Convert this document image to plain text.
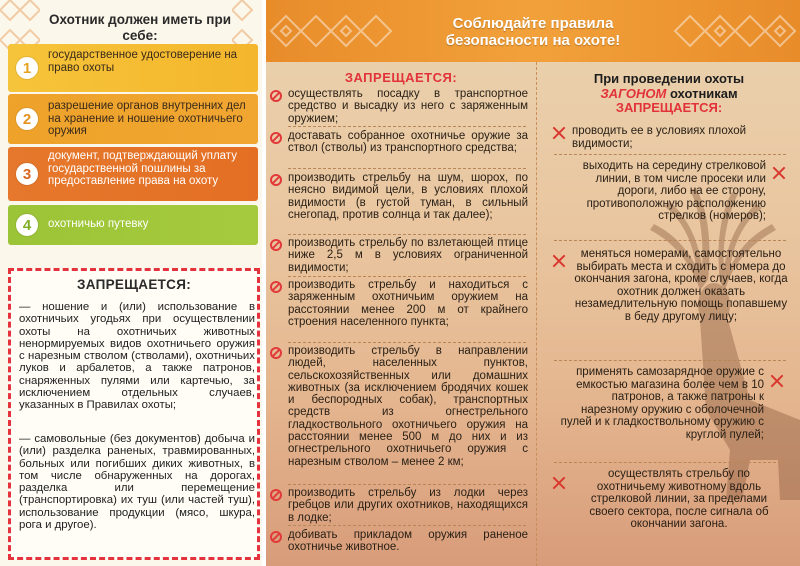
Охотник должен иметь при себе:
1
государственное удостоверение на право охоты
2
разрешение органов внутренних дел на хранение и ношение охотничьего оружия
3
документ, подтверждающий уплату государственной пошлины за предоставление права на охоту
4	охотничью путевку
ЗАПРЕЩАЕТСЯ:
— ношение и (или) использование в охотничьих угодьях при осуществлении охоты на охотничьих животных ненормируемых видов охотничьего оружия с нарезным стволом (стволами), охотничьих луков и арбалетов, а также патронов, снаряженных пулями или картечью, за исключением отдельных случаев, указанных в Правилах охоты;
— самовольные (без документов) добыча и (или) разделка раненых, травмированных, больных или погибших диких животных, в том числе обнаруженных на дорогах, разделка или перемещение (транспортировка) их туш (или частей туш), использование продукции (мясо, шкура, рога и другое).
Соблюдайте правила
безопасности на охоте!
ЗАПРЕЩАЕТСЯ:
осуществлять посадку в транспортное средство и высадку из него с заряженным оружием;
доставать собранное охотничье оружие за ствол (стволы) из транспортного средства;
производить стрельбу на шум, шорох, по неясно видимой цели, в условиях плохой видимости (в густой туман, в сильный снегопад, против солнца и так далее);
производить стрельбу по взлетающей птице ниже 2,5 м в условиях ограниченной видимости;
производить стрельбу и находиться с заряженным охотничьим оружием на расстоянии менее 200 м от крайнего строения населенного пункта;
производить стрельбу в направлении людей, населенных пунктов, сельскохозяйственных или домашних животных (за исключением бродячих кошек и беспородных собак), транспортных средств из огнестрельного гладкоствольного охотничьего оружия на расстоянии менее 500 м до них и из огнестрельного охотничьего оружия с нарезным стволом – менее 2 км;
производить стрельбу из лодки через гребцов или других охотников, находящихся в лодке;
добивать прикладом оружия раненое охотничье животное.
При проведении охоты
ЗАГОНОМ охотникам
ЗАПРЕЩАЕТСЯ:
проводить ее в условиях плохой видимости;
выходить на середину стрелковой линии, в том числе просеки или дороги, либо на ее сторону, противоположную расположению стрелков (номеров);
меняться номерами, самостоятельно выбирать места и сходить с номера до окончания загона, кроме случаев, когда охотник должен оказать незамедлительную помощь попавшему в беду другому лицу;
применять самозарядное оружие с емкостью магазина более чем в 10 патронов, а также патроны к нарезному оружию с оболочечной пулей и к гладкоствольному оружию с круглой пулей;
осуществлять стрельбу по охотничьему животному вдоль стрелковой линии, за пределами своего сектора, после сигнала об окончании загона.
